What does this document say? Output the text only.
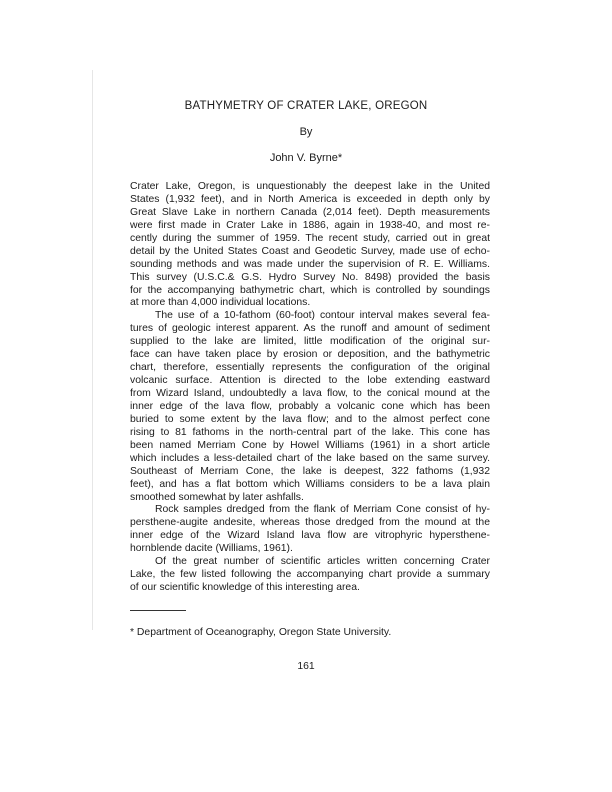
BATHYMETRY OF CRATER LAKE, OREGON
By
John V. Byrne*
Crater Lake, Oregon, is unquestionably the deepest lake in the United
States (1,932 feet), and in North America is exceeded in depth only by
Great Slave Lake in northern Canada (2,014 feet). Depth measurements
were first made in Crater Lake in 1886, again in 1938-40, and most re-
cently during the summer of 1959. The recent study, carried out in great
detail by the United States Coast and Geodetic Survey, made use of echo-
sounding methods and was made under the supervision of R. E. Williams.
This survey (U.S.C.& G.S. Hydro Survey No. 8498) provided the basis
for the accompanying bathymetric chart, which is controlled by soundings
at more than 4,000 individual locations.
The use of a 10-fathom (60-foot) contour interval makes several fea-
tures of geologic interest apparent. As the runoff and amount of sediment
supplied to the lake are limited, little modification of the original sur-
face can have taken place by erosion or deposition, and the bathymetric
chart, therefore, essentially represents the configuration of the original
volcanic surface. Attention is directed to the lobe extending eastward
from Wizard Island, undoubtedly a lava flow, to the conical mound at the
inner edge of the lava flow, probably a volcanic cone which has been
buried to some extent by the lava flow; and to the almost perfect cone
rising to 81 fathoms in the north-central part of the lake. This cone has
been named Merriam Cone by Howel Williams (1961) in a short article
which includes a less-detailed chart of the lake based on the same survey.
Southeast of Merriam Cone, the lake is deepest, 322 fathoms (1,932
feet), and has a flat bottom which Williams considers to be a lava plain
smoothed somewhat by later ashfalls.
Rock samples dredged from the flank of Merriam Cone consist of hy-
persthene-augite andesite, whereas those dredged from the mound at the
inner edge of the Wizard Island lava flow are vitrophyric hypersthene-
hornblende dacite (Williams, 1961).
Of the great number of scientific articles written concerning Crater
Lake, the few listed following the accompanying chart provide a summary
of our scientific knowledge of this interesting area.
* Department of Oceanography, Oregon State University.
161
